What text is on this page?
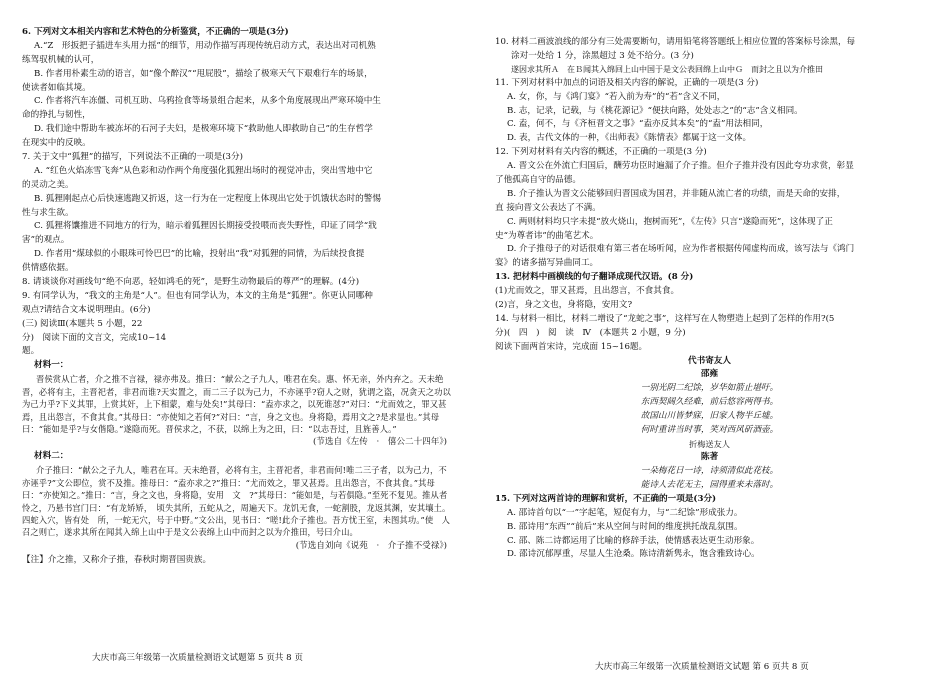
6. 下列对文本相关内容和艺术特色的分析鉴赏，不正确的一项是(3分)

A.“Z　形扳把子插进车头用力摇”的细节，用动作描写再现传统启动方式，表达出对司机熟

练驾驭机械的认可，

B. 作者用朴素生动的语言，如“像个醉汉”“甩屁股”，描绘了极寒天气下艰难行车的场景，

使读者如临其境。

C. 作者将汽车冻僵、司机互助、乌鸦捡食等场景组合起来，从多个角度展现出严寒环境中生

命的挣扎与韧性，

D. 我们途中帮助车被冻坏的石河子夫妇，是极寒环境下“救助他人即救助自己”的生存哲学

在现实中的反映。

7. 关于文中“狐狸”的描写，下列说法不正确的一项是(3分)

A. “红色火焰冻雪飞奔”从色彩和动作两个角度强化狐狸出场时的视觉冲击，突出雪地中它

的灵动之美。

B. 狐狸刚起点心后快速逃跑又折返，这一行为在一定程度上体现出它处于饥饿状态时的警惕

性与求生欲。

C. 狐狸将馕推进不同地方的行为，暗示着狐狸因长期接受投喂而丧失野性，印证了同学“戕

害”的观点。

D. 作者用“煤球似的小眼珠可怜巴巴”的比喻，投射出“我”对狐狸的同情，为后续投食提

供情感依据。

8. 请谈谈你对画线句“绝不向恶，轻如鸿毛的死”，是野生动物最后的尊严”的理解。(4分)

9. 有同学认为，“我文的主角是“人”。但也有同学认为，本文的主角是“狐狸”。你更认同哪种

观点?请结合文本说明理由。(6分)

(三) 阅读Ⅲ(本题共 5 小题，22

分)　阅读下面的文言文，完成10~14

题。

材料一：

晋侯赏从亡者，介之推不言禄，禄亦弗及。推曰：“献公之子九人，唯君在矣。惠、怀无亲，外内弃之。天未绝晋，必将有主，主晋祀者，非君而谁?天实置之，而二三子以为己力，不亦诬乎?窃人之财，犹谓之盗，况贪天之功以为己力乎?下义其罪，上赏其奸，上下相蒙，难与处矣!”其母曰：“盍亦求之，以死谁怼?”对曰：“尤而效之，罪又甚焉，且出怨言，不食其食。”其母曰：“亦使知之若何?”对曰：“言，身之文也。身将隐，焉用文之?是求显也。”其母曰：“能如是乎?与女偕隐。”遂隐而死。晋侯求之，不获，以绵上为之田，曰：“以志吾过，且旌善人。”

(节选自《左传　·　僖公二十四年》)

材料二：

介子推曰：“献公之子九人，唯君在耳。天未绝晋，必将有主，主晋祀者，非君而何!唯二三子者，以为己力，不亦诬乎?”文公即位，赏不及推。推母曰：“盍亦求之?”推曰：“尤而效之，罪又甚焉。且出怨言，不食其食。”其母曰：“亦使知之。”推曰：“言，身之文也，身将隐，安用　文　?”其母曰：“能如是，与若俱隐。”至死不复见。推从者怜之，乃悬书宫门曰：“有龙矫矫，　顷失其所，五蛇从之，周遍天下。龙饥无食，一蛇割股，龙返其渊，安其壤土。四蛇入穴，皆有处　所，一蛇无穴，号于中野。”文公出，见书曰：“嗟!此介子推也。吾方忧王室，未图其功。”使　人召之则亡，遂求其所在闻其入绵上山中于是文公表绵上山中而封之以为介推田，号曰介山。

(节选自刘向《说苑　·　介子推不受禄》)

【注】介之推，又称介子推，春秋时期晋国贵族。

大庆市高三年级第一次质量检测语文试题第 5 页共 8 页

10. 材料二画波浪线的部分有三处需要断句，请用铅笔将答题纸上相应位置的答案标号涂黑，每

涂对一处给 1 分，涂黑超过 3 处不给分。(3 分)

遂因求其所Ａ　在Ｂ闻其入绵回上山中国于是文公表回绵上山中Ｇ　而封之且以为介推田

11. 下列对材料中加点的词语及相关内容的解说，正确的一项是(3 分)

A. 女，你，与《鸿门宴》“若入前为寿”的“若”含义不同，

B. 志，记录，记载，与《桃花源记》“便扶向路，处处志之”的“志”含义相同。

C. 盍，何不，与《齐桓晋文之事》“盍亦反其本矣”的“盍”用法相同，

D. 表，古代文体的一种，《出师表》《陈情表》都属于这一文体。

12. 下列对材料有关内容的概述，不正确的一项是(3 分)

A. 晋文公在外流亡归国后，酬劳功臣时遍漏了介子推。但介子推并没有因此夸功求赏，彰显

了他孤高自守的品德。

B. 介子推认为晋文公能够回归晋国成为国君，并非随从流亡者的功绩，而是天命的安排，

直 接向晋文公表达了不满。

C. 两则材料均只字未提“放火烧山，抱树而死”，《左传》只言“遂隐而死”，这体现了正

史“为尊者讳”的曲笔艺术。

D. 介子推母子的对话很难有第三者在场听闻，应为作者根据传闻虚构而成，该写法与《鸿门

宴》的诸多描写异曲同工。

13. 把材料中画横线的句子翻译成现代汉语。(8 分)

(1)尤而效之，罪又甚焉，且出怨言，不食其食。

(2)言，身之文也，身将隐，安用文?

14. 与材料一相比，材料二增设了“龙蛇之事”，这样写在人物塑造上起到了怎样的作用?(5

分)(　四　)　阅　读　Ⅳ　(本题共 2 小题，9 分)

阅读下面两首宋诗，完成面 15~16题。

代书寄友人

邵雍

一别光阴二纪馀，岁华如箭止堪吁。

东西契阔久经难，前后悠容两得书。

故国山川皆梦寐，旧家人物半丘墟。

何时重讲当时事，笑对西风斫酒壶。

折梅送友人

陈著

一朵梅花日一诗，诗须清似此花枝。

能诗人去花无主，园得重来未落时。

15. 下列对这两首诗的理解和赏析，不正确的一项是(3分)

A. 邵诗首句以“一”字起笔，短促有力，与“二纪馀”形成张力。

B. 邵诗用“东西”“前后”来从空间与时间的维度拱托战乱氛围。

C. 邵、陈二诗都运用了比喻的修辞手法，使情感表达更生动形象。

D. 邵诗沉郁厚重，尽显人生沧桑。陈诗清新隽永，饱含雅致诗心。

大庆市高三年级第一次质量检测语文试题 第 6 页共 8 页
